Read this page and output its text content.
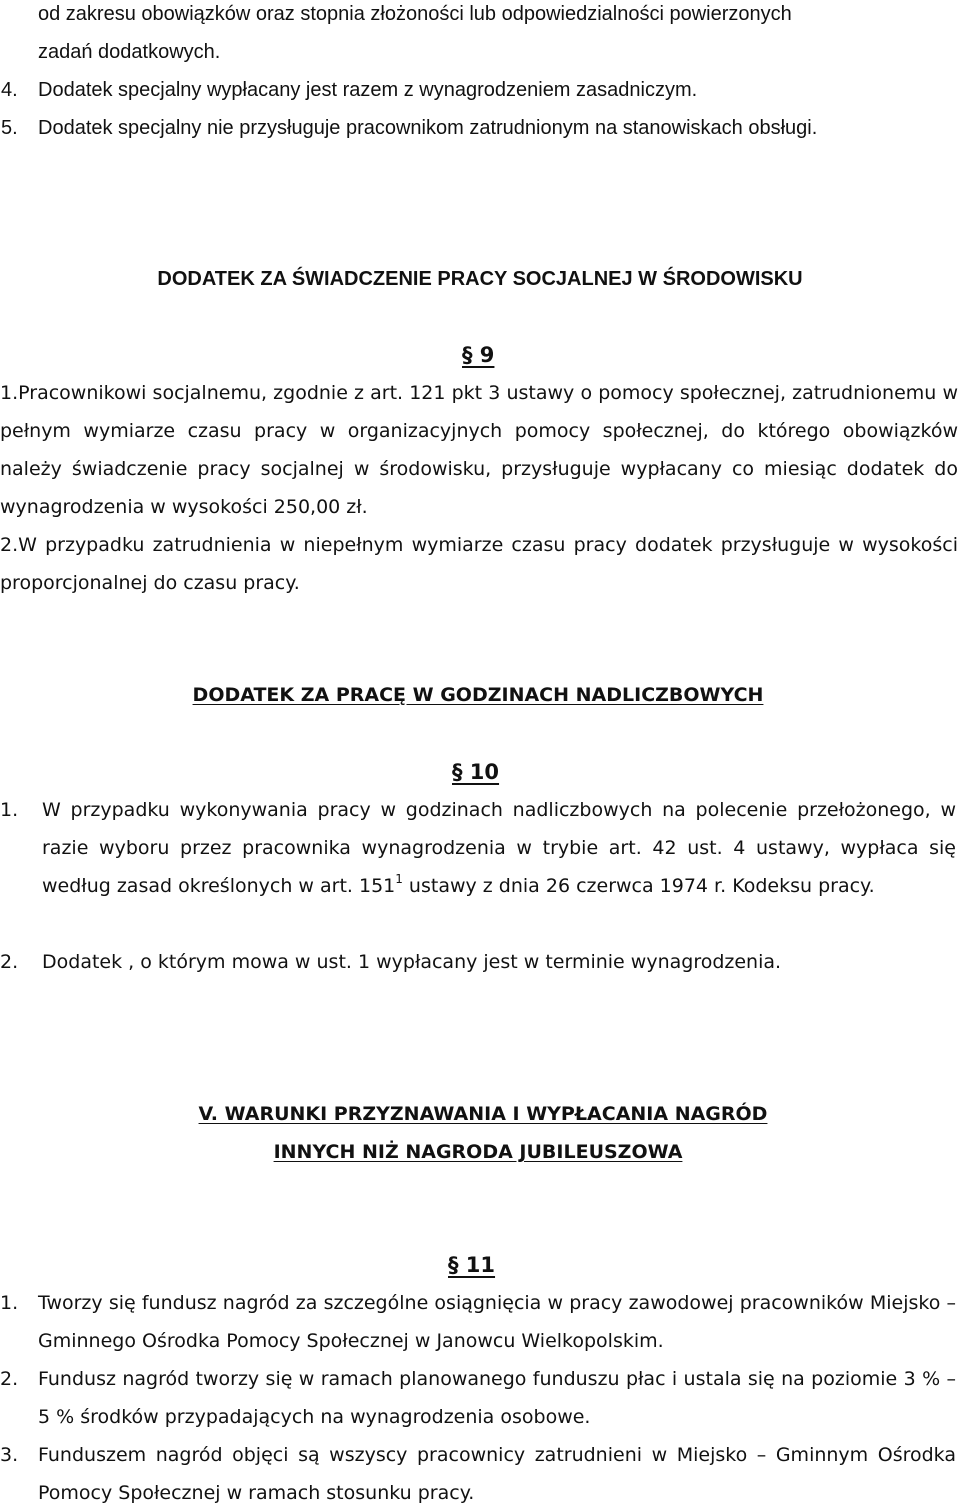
od zakresu obowiązków oraz stopnia złożoności lub odpowiedzialności powierzonych
zadań dodatkowych.
4.	Dodatek specjalny wypłacany jest razem z wynagrodzeniem zasadniczym.
5.	Dodatek specjalny nie przysługuje pracownikom zatrudnionym na stanowiskach obsługi.
DODATEK ZA ŚWIADCZENIE PRACY SOCJALNEJ W ŚRODOWISKU
§ 9
1.Pracownikowi socjalnemu, zgodnie z art. 121 pkt 3 ustawy o pomocy społecznej, zatrudnionemu w pełnym wymiarze czasu pracy w organizacyjnych pomocy społecznej, do którego obowiązków należy świadczenie pracy socjalnej w środowisku, przysługuje wypłacany co miesiąc dodatek do wynagrodzenia w wysokości 250,00 zł.
2.W przypadku zatrudnienia w niepełnym wymiarze czasu pracy dodatek przysługuje w wysokości proporcjonalnej do czasu pracy.
DODATEK ZA PRACĘ W GODZINACH NADLICZBOWYCH
§ 10
1.	W przypadku wykonywania pracy w godzinach nadliczbowych na polecenie przełożonego, w razie wyboru przez pracownika wynagrodzenia w trybie art. 42 ust. 4 ustawy, wypłaca się według zasad określonych w art. $151^1$ ustawy z dnia 26 czerwca 1974 r. Kodeksu pracy.
2.	Dodatek , o którym mowa w ust. 1 wypłacany jest w terminie wynagrodzenia.
V. WARUNKI PRZYZNAWANIA I WYPŁACANIA NAGRÓD
INNYCH NIŻ NAGRODA JUBILEUSZOWA
§ 11
1.	Tworzy się fundusz nagród za szczególne osiągnięcia w pracy zawodowej pracowników Miejsko – Gminnego Ośrodka Pomocy Społecznej w Janowcu Wielkopolskim.
2.	Fundusz nagród tworzy się w ramach planowanego funduszu płac i ustala się na poziomie 3 % – 5 % środków przypadających na wynagrodzenia osobowe.
3.	Funduszem nagród objęci są wszyscy pracownicy zatrudnieni w Miejsko – Gminnym Ośrodka Pomocy Społecznej w ramach stosunku pracy.
